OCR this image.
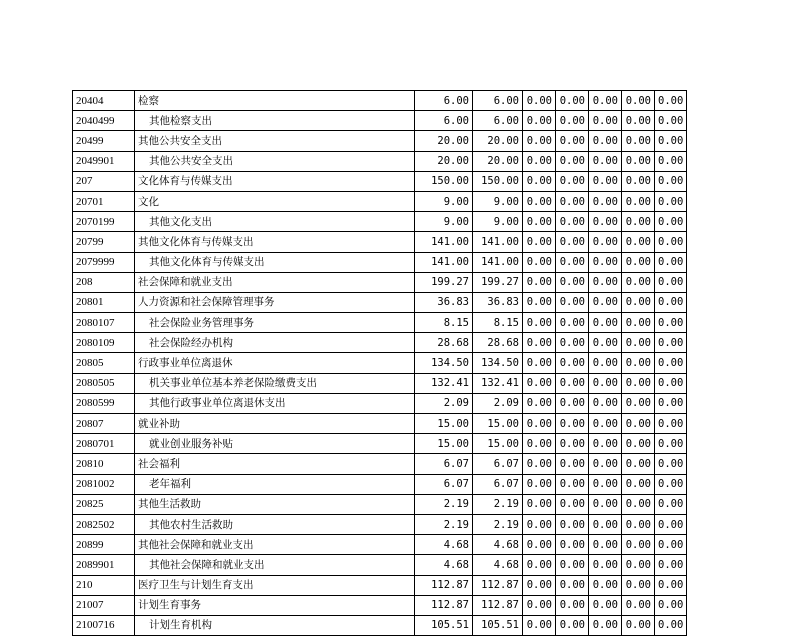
20404	检察	6.00	6.00	0.00	0.00	0.00	0.00	0.00
2040499	其他检察支出	6.00	6.00	0.00	0.00	0.00	0.00	0.00
20499	其他公共安全支出	20.00	20.00	0.00	0.00	0.00	0.00	0.00
2049901	其他公共安全支出	20.00	20.00	0.00	0.00	0.00	0.00	0.00
207	文化体育与传媒支出	150.00	150.00	0.00	0.00	0.00	0.00	0.00
20701	文化	9.00	9.00	0.00	0.00	0.00	0.00	0.00
2070199	其他文化支出	9.00	9.00	0.00	0.00	0.00	0.00	0.00
20799	其他文化体育与传媒支出	141.00	141.00	0.00	0.00	0.00	0.00	0.00
2079999	其他文化体育与传媒支出	141.00	141.00	0.00	0.00	0.00	0.00	0.00
208	社会保障和就业支出	199.27	199.27	0.00	0.00	0.00	0.00	0.00
20801	人力资源和社会保障管理事务	36.83	36.83	0.00	0.00	0.00	0.00	0.00
2080107	社会保险业务管理事务	8.15	8.15	0.00	0.00	0.00	0.00	0.00
2080109	社会保险经办机构	28.68	28.68	0.00	0.00	0.00	0.00	0.00
20805	行政事业单位离退休	134.50	134.50	0.00	0.00	0.00	0.00	0.00
2080505	机关事业单位基本养老保险缴费支出	132.41	132.41	0.00	0.00	0.00	0.00	0.00
2080599	其他行政事业单位离退休支出	2.09	2.09	0.00	0.00	0.00	0.00	0.00
20807	就业补助	15.00	15.00	0.00	0.00	0.00	0.00	0.00
2080701	就业创业服务补贴	15.00	15.00	0.00	0.00	0.00	0.00	0.00
20810	社会福利	6.07	6.07	0.00	0.00	0.00	0.00	0.00
2081002	老年福利	6.07	6.07	0.00	0.00	0.00	0.00	0.00
20825	其他生活救助	2.19	2.19	0.00	0.00	0.00	0.00	0.00
2082502	其他农村生活救助	2.19	2.19	0.00	0.00	0.00	0.00	0.00
20899	其他社会保障和就业支出	4.68	4.68	0.00	0.00	0.00	0.00	0.00
2089901	其他社会保障和就业支出	4.68	4.68	0.00	0.00	0.00	0.00	0.00
210	医疗卫生与计划生育支出	112.87	112.87	0.00	0.00	0.00	0.00	0.00
21007	计划生育事务	112.87	112.87	0.00	0.00	0.00	0.00	0.00
2100716	计划生育机构	105.51	105.51	0.00	0.00	0.00	0.00	0.00
